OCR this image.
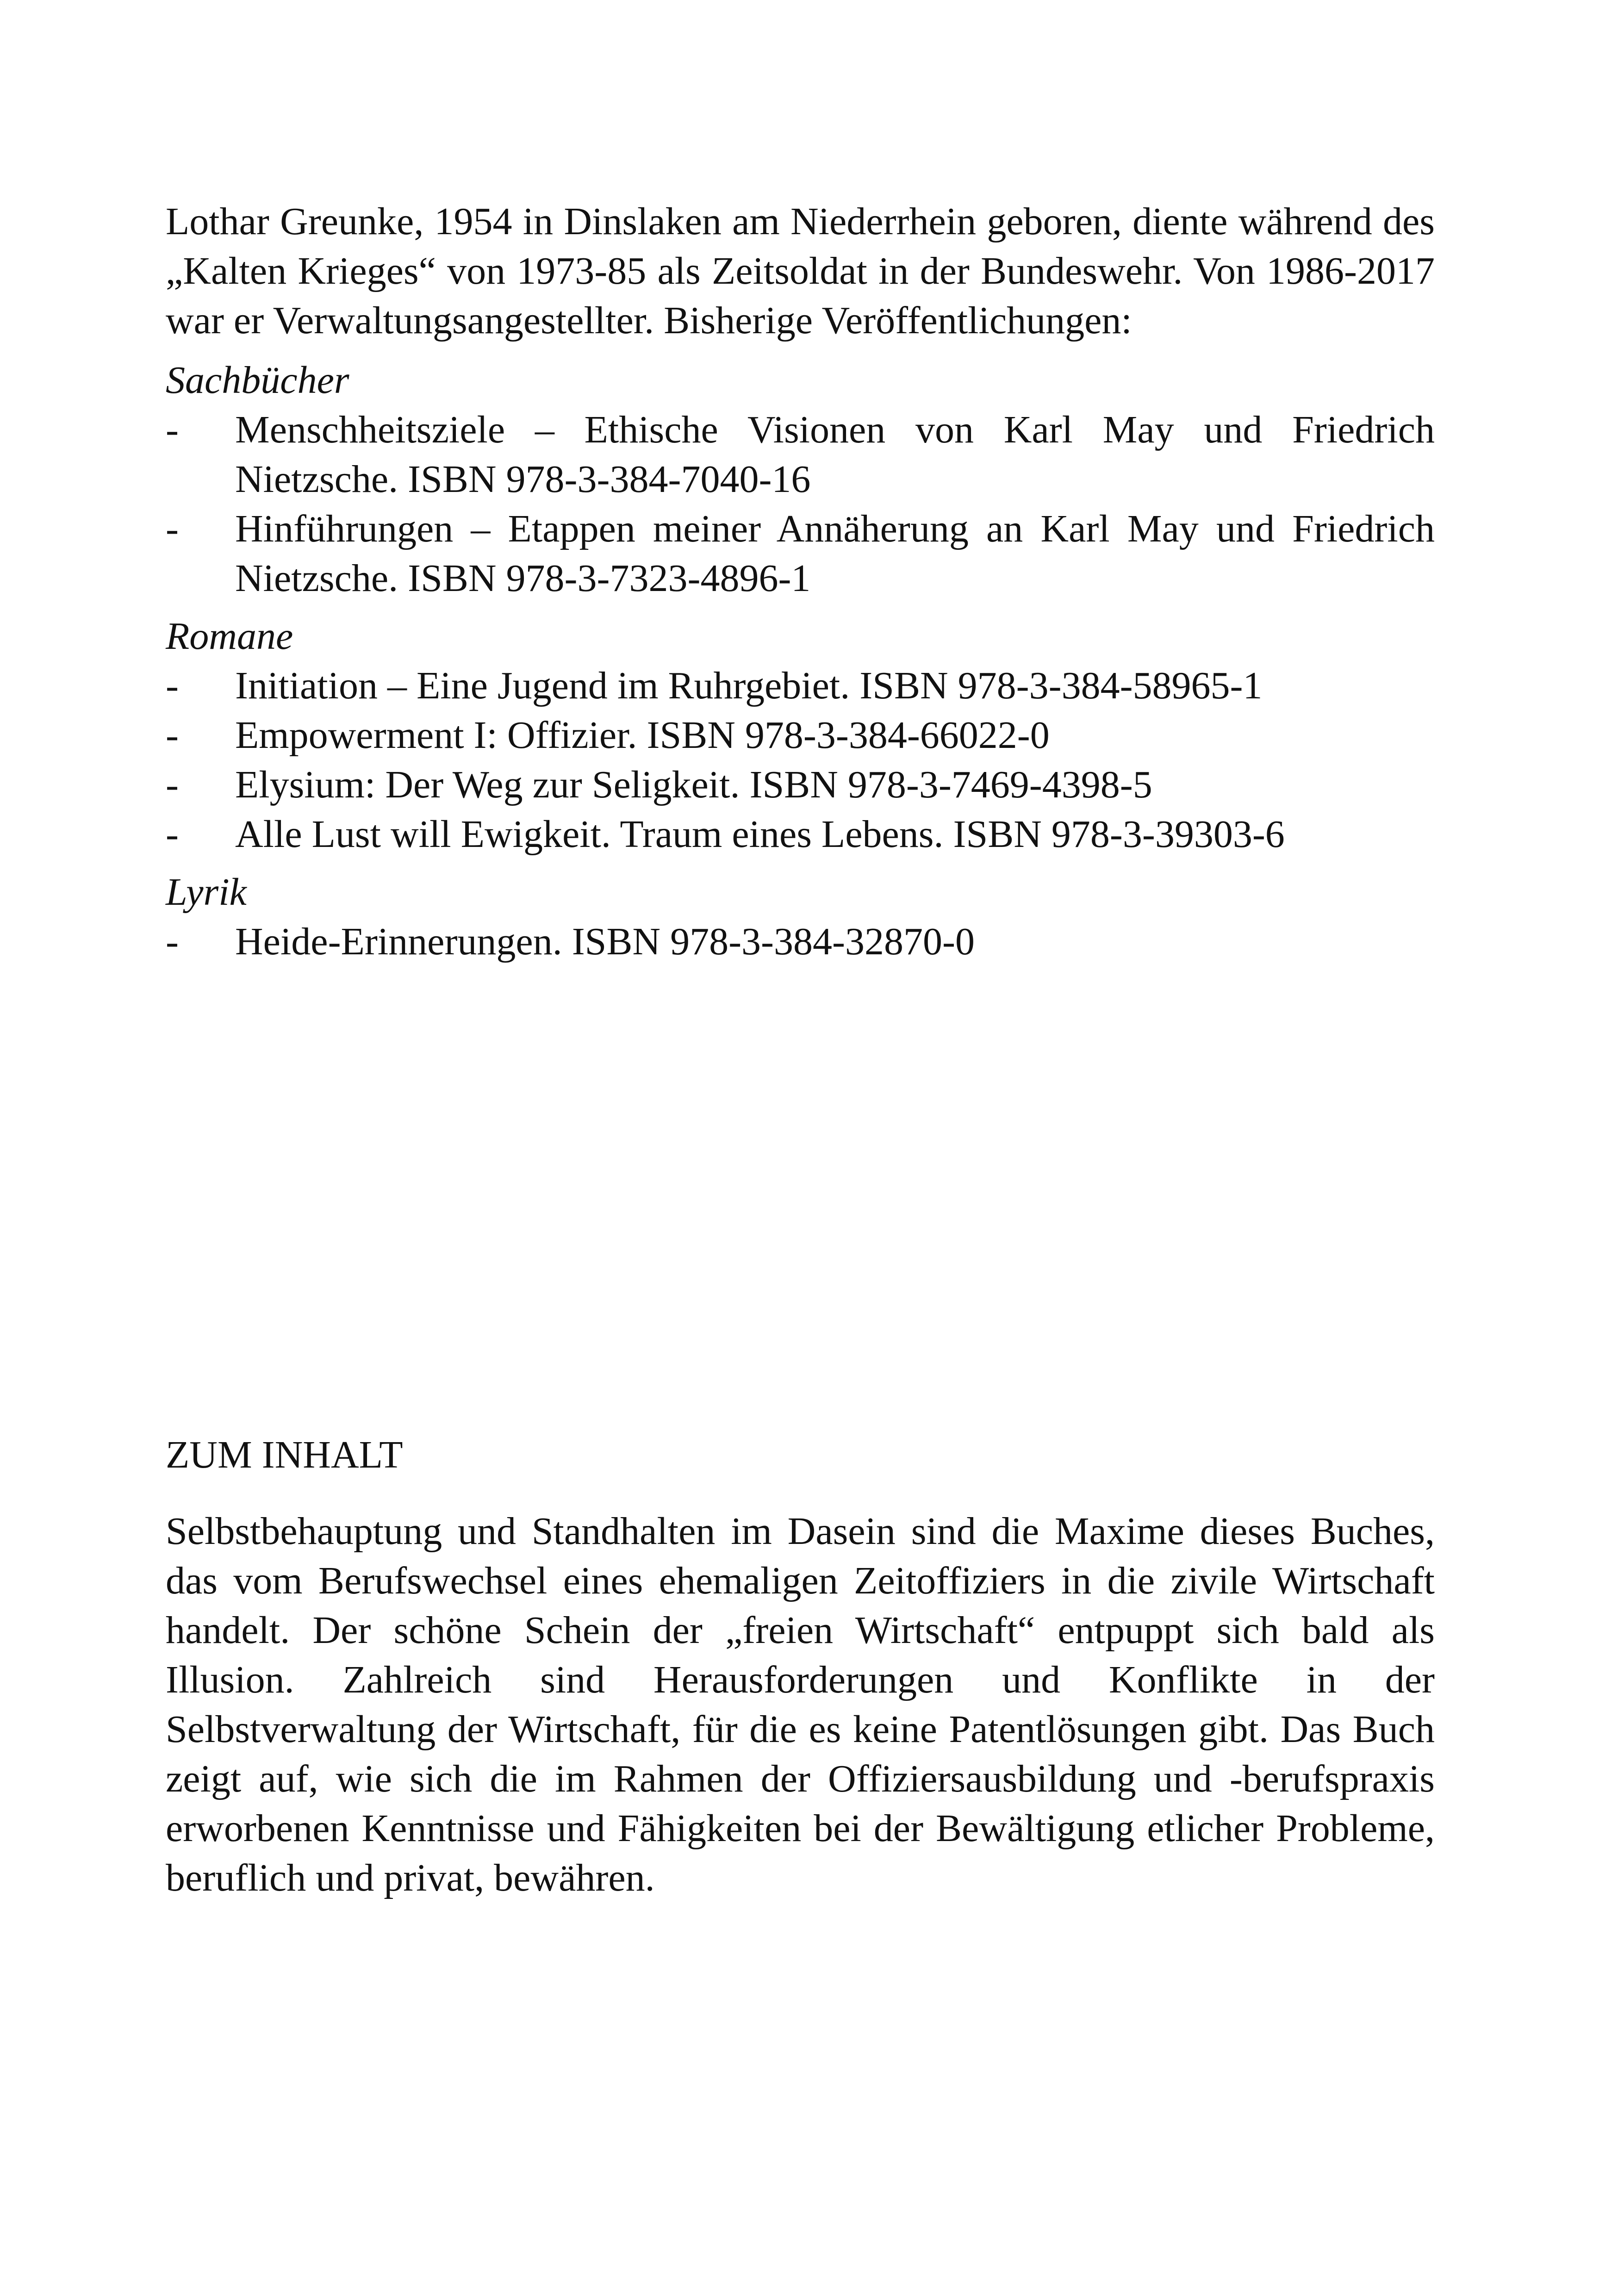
Lothar Greunke, 1954 in Dinslaken am Niederrhein geboren, diente während des „Kalten Krieges“ von 1973-85 als Zeitsoldat in der Bundeswehr. Von 1986-2017 war er Verwaltungsangestellter. Bisherige Veröffentlichungen:

Sachbücher

- Menschheitsziele – Ethische Visionen von Karl May und Friedrich Nietzsche. ISBN 978-3-384-7040-16
- Hinführungen – Etappen meiner Annäherung an Karl May und Friedrich Nietzsche. ISBN 978-3-7323-4896-1

Romane

- Initiation – Eine Jugend im Ruhrgebiet. ISBN 978-3-384-58965-1
- Empowerment I: Offizier. ISBN 978-3-384-66022-0
- Elysium: Der Weg zur Seligkeit. ISBN 978-3-7469-4398-5
- Alle Lust will Ewigkeit. Traum eines Lebens. ISBN 978-3-39303-6

Lyrik

- Heide-Erinnerungen. ISBN 978-3-384-32870-0
ZUM INHALT

Selbstbehauptung und Standhalten im Dasein sind die Maxime dieses Buches, das vom Berufswechsel eines ehemaligen Zeitoffiziers in die zivile Wirtschaft handelt. Der schöne Schein der „freien Wirtschaft“ entpuppt sich bald als Illusion. Zahlreich sind Herausforderungen und Konflikte in der Selbstverwaltung der Wirtschaft, für die es keine Patentlösungen gibt. Das Buch zeigt auf, wie sich die im Rahmen der Offiziersausbildung und -berufspraxis erworbenen Kenntnisse und Fähigkeiten bei der Bewältigung etlicher Probleme, beruflich und privat, bewähren.
